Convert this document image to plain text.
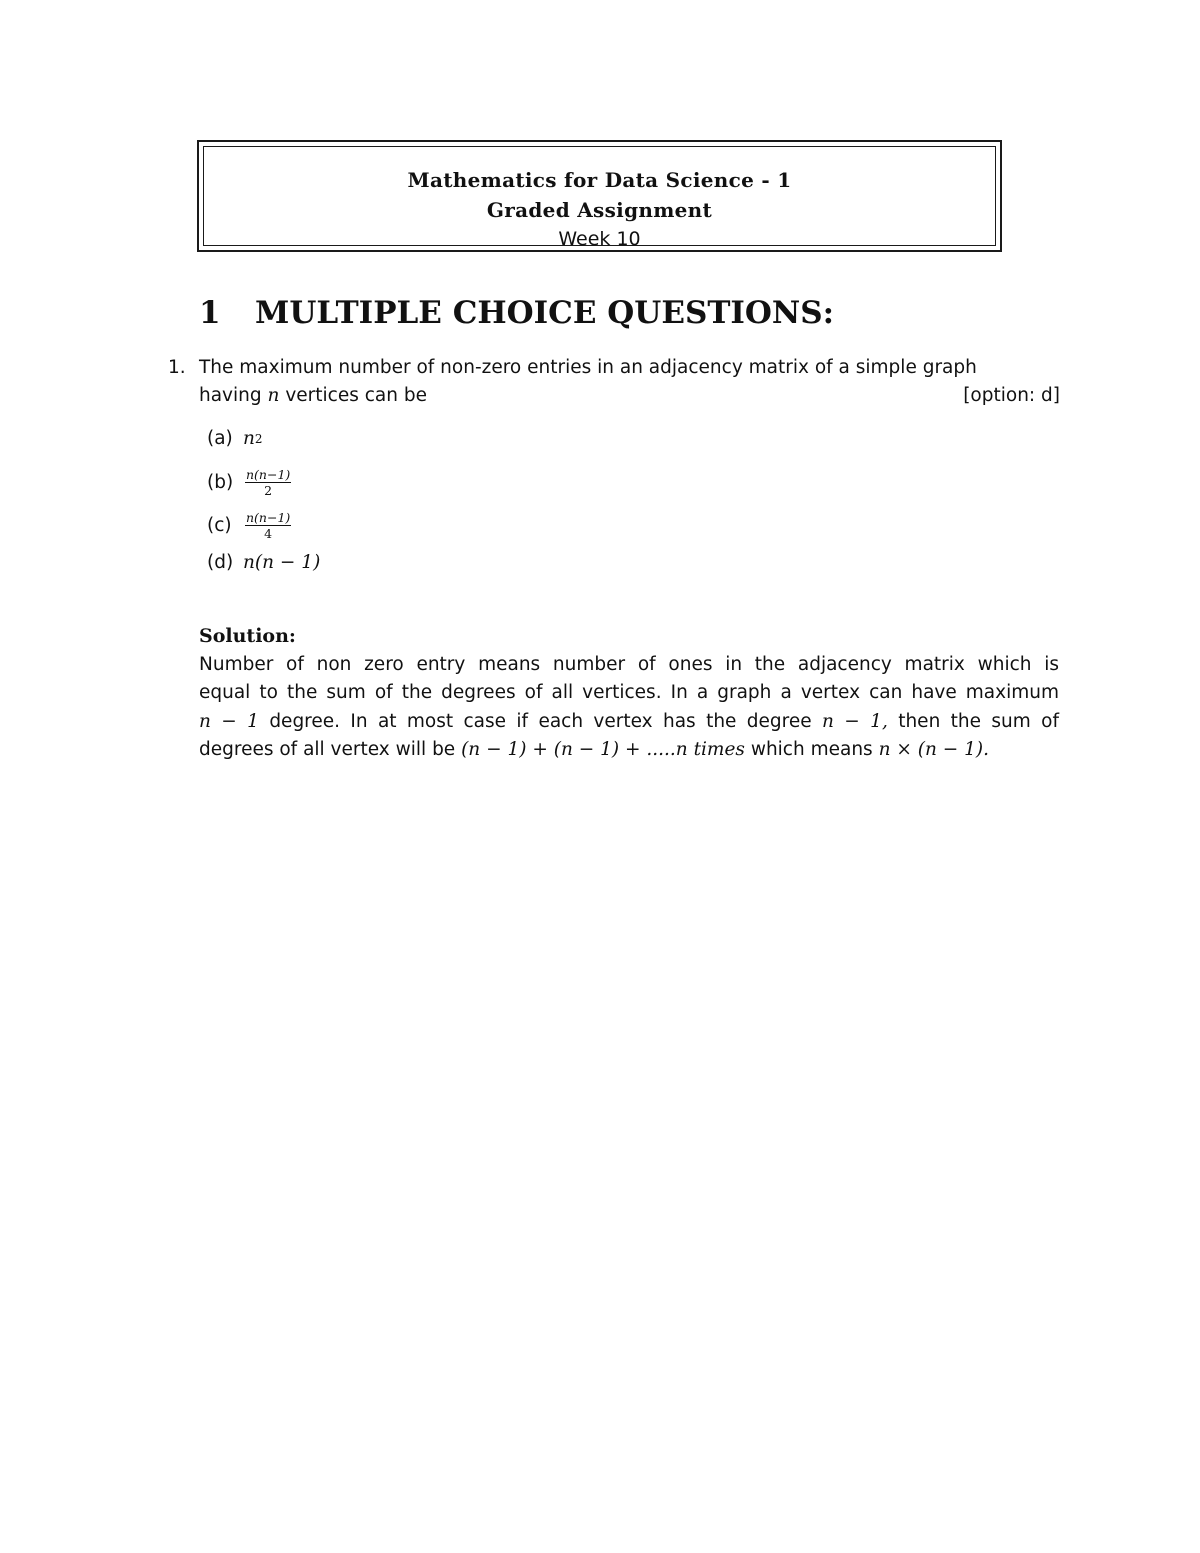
Mathematics for Data Science - 1
Graded Assignment
Week 10
1 MULTIPLE CHOICE QUESTIONS:
1. The maximum number of non-zero entries in an adjacency matrix of a simple graph
having n vertices can be	[option: d]
(a) n 2
$(b) \frac{n(n-1)}{2}$
(c)	$\frac{n(n-1)}{4}$
(d) n(n − 1)
Solution:
Number of non zero entry means number of ones in the adjacency matrix which is
equal to the sum of the degrees of all vertices. In a graph a vertex can have maximum
n − 1 degree. In at most case if each vertex has the degree n − 1, then the sum of
degrees of all vertex will be (n − 1) + (n − 1) + .....n times which means n × (n − 1).
